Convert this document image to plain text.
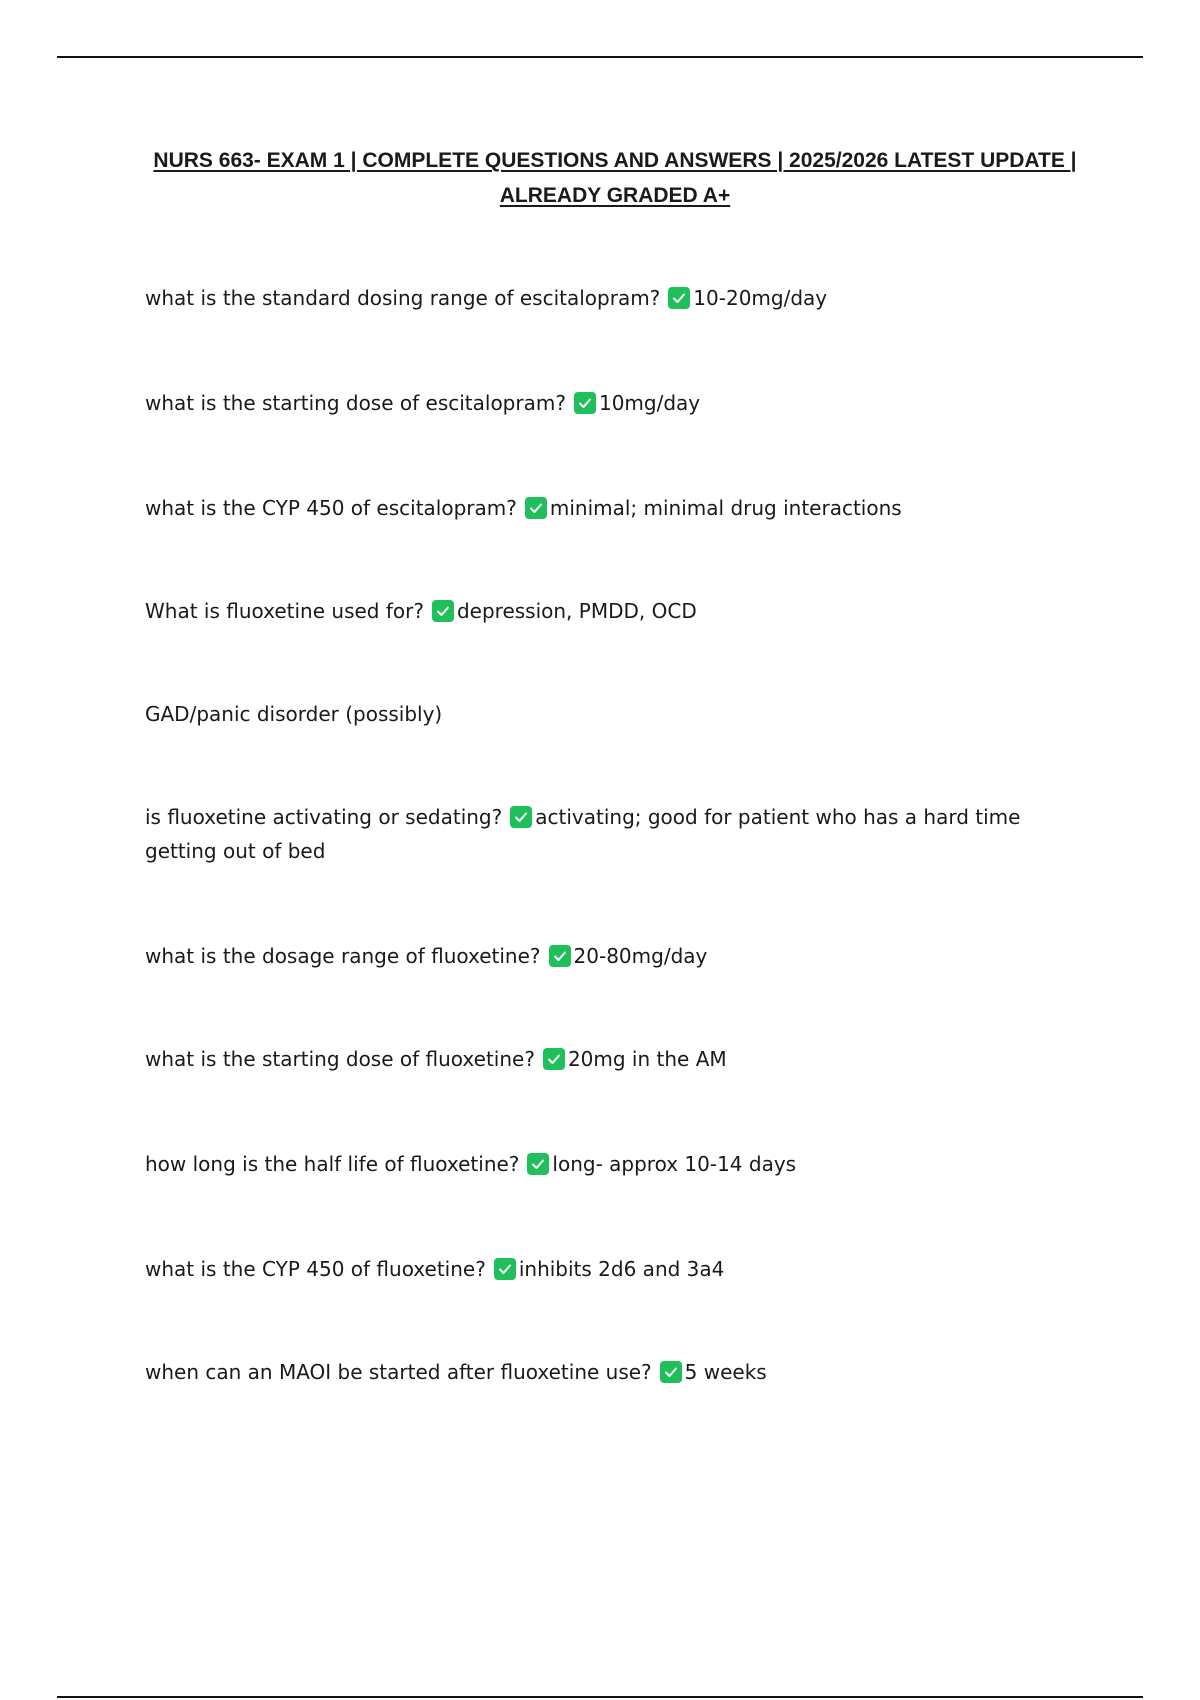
NURS 663- EXAM 1 | COMPLETE QUESTIONS AND ANSWERS | 2025/2026 LATEST UPDATE |
ALREADY GRADED A+

what is the standard dosing range of escitalopram? 10-20mg/day

what is the starting dose of escitalopram? 10mg/day

what is the CYP 450 of escitalopram? minimal; minimal drug interactions

What is fluoxetine used for? depression, PMDD, OCD

GAD/panic disorder (possibly)

is fluoxetine activating or sedating? activating; good for patient who has a hard time getting out of bed

what is the dosage range of fluoxetine? 20-80mg/day

what is the starting dose of fluoxetine? 20mg in the AM

how long is the half life of fluoxetine? long- approx 10-14 days

what is the CYP 450 of fluoxetine? inhibits 2d6 and 3a4

when can an MAOI be started after fluoxetine use? 5 weeks
